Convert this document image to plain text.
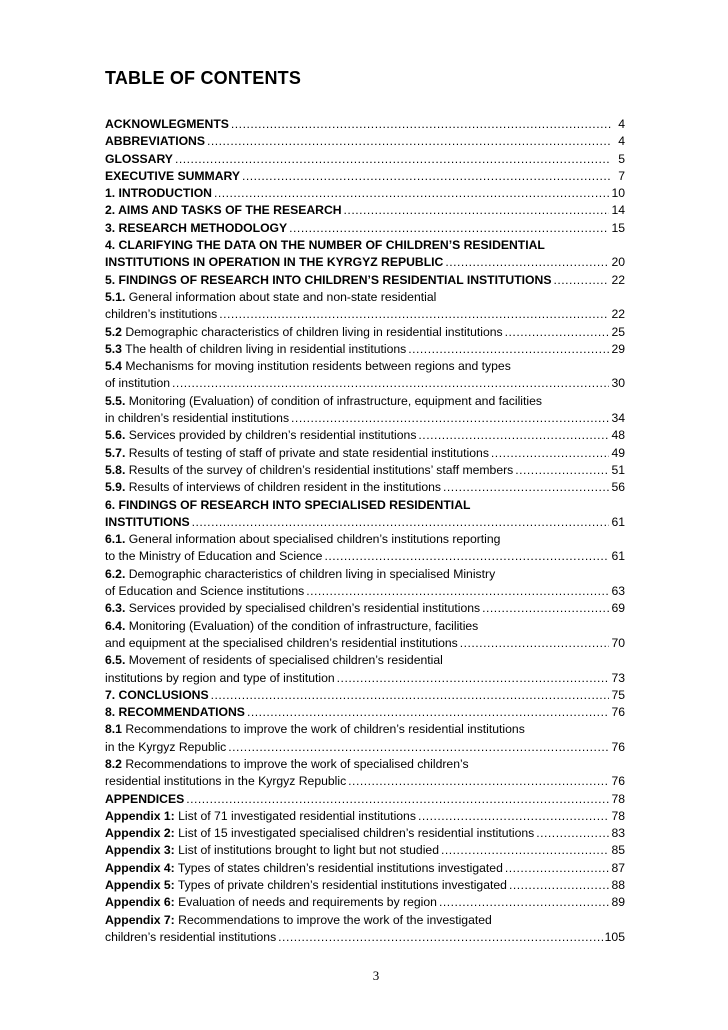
TABLE OF CONTENTS
ACKNOWLEGMENTS .....	4
ABBREVIATIONS .....	4
GLOSSARY .....	5
EXECUTIVE SUMMARY .....	7
1. INTRODUCTION .....	10
2. AIMS AND TASKS OF THE RESEARCH .....	14
3. RESEARCH METHODOLOGY .....	15
4. CLARIFYING THE DATA ON THE NUMBER OF CHILDREN’S RESIDENTIAL
INSTITUTIONS IN OPERATION IN THE KYRGYZ REPUBLIC .....	20
5. FINDINGS OF RESEARCH INTO CHILDREN’S RESIDENTIAL INSTITUTIONS .....	22
5.1. General information about state and non-state residential
children’s institutions .....	22
5.2 Demographic characteristics of children living in residential institutions .....	25
5.3 The health of children living in residential institutions .....	29
5.4 Mechanisms for moving institution residents between regions and types
of institution .....	30
5.5. Monitoring (Evaluation) of condition of infrastructure, equipment and facilities
in children’s residential institutions .....	34
5.6. Services provided by children’s residential institutions .....	48
5.7. Results of testing of staff of private and state residential institutions .....	49
5.8. Results of the survey of children’s residential institutions’ staff members .....	51
5.9. Results of interviews of children resident in the institutions .....	56
6. FINDINGS OF RESEARCH INTO SPECIALISED RESIDENTIAL
INSTITUTIONS .....	61
6.1. General information about specialised children’s institutions reporting
to the Ministry of Education and Science .....	61
6.2. Demographic characteristics of children living in specialised Ministry
of Education and Science institutions .....	63
6.3. Services provided by specialised children’s residential institutions .....	69
6.4. Monitoring (Evaluation) of the condition of infrastructure, facilities
and equipment at the specialised children’s residential institutions .....	70
6.5. Movement of residents of specialised children’s residential
institutions by region and type of institution .....	73
7. CONCLUSIONS .....	75
8. RECOMMENDATIONS .....	76
8.1 Recommendations to improve the work of children’s residential institutions
in the Kyrgyz Republic .....	76
8.2 Recommendations to improve the work of specialised children’s
residential institutions in the Kyrgyz Republic .....	76
APPENDICES .....	78
Appendix 1: List of 71 investigated residential institutions .....	78
Appendix 2: List of 15 investigated specialised children’s residential institutions .....	83
Appendix 3: List of institutions brought to light but not studied .....	85
Appendix 4: Types of states children’s residential institutions investigated .....	87
Appendix 5: Types of private children’s residential institutions investigated .....	88
Appendix 6: Evaluation of needs and requirements by region .....	89
Appendix 7: Recommendations to improve the work of the investigated
children’s residential institutions .....	105
3
